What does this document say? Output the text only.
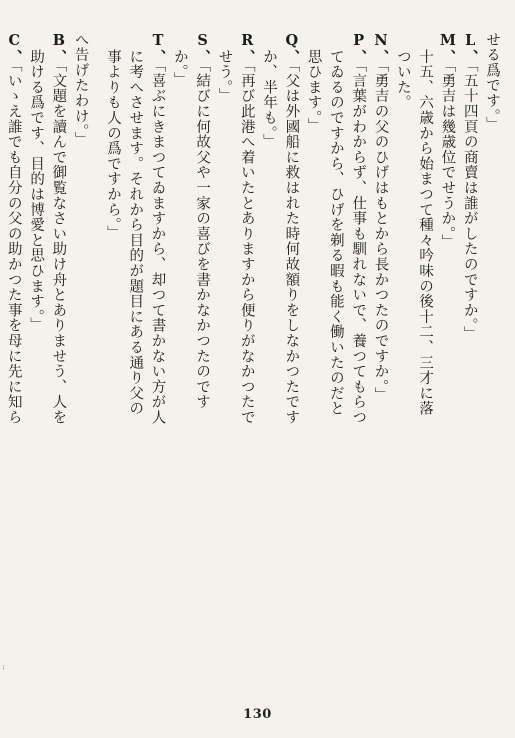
せる爲です。」
L、「五十四頁の商賣は誰がしたのですか。」
M、「勇吉は幾歳位でせうか。」
十五、六歳から始まつて種々吟味の後十二、三才に落
ついた。
N、「勇吉の父のひげはもとから長かつたのですか。」
P、「言葉がわからず、仕事も馴れないで、養つてもらつ
てゐるのですから、ひげを剃る暇も能く働いたのだと
思ひます。」
Q、「父は外國船に救はれた時何故額りをしなかつたです
か、半年も。」
R、「再び此港へ着いたとありますから便りがなかつたで
せう。」
S、「結びに何故父や一家の喜びを書かなかつたのです
か。」
T、「喜ぶにきまつてゐますから、却つて書かない方が人
に考へさせます。それから目的が題目にある通り父の
事よりも人の爲ですから。」
へ告げたわけ。」
B、「文題を讀んで御覧なさい助け舟とありませう、人を
助ける爲です、目的は博愛と思ひます。」
C、「いゝえ誰でも自分の父の助かつた事を母に先に知ら
130
